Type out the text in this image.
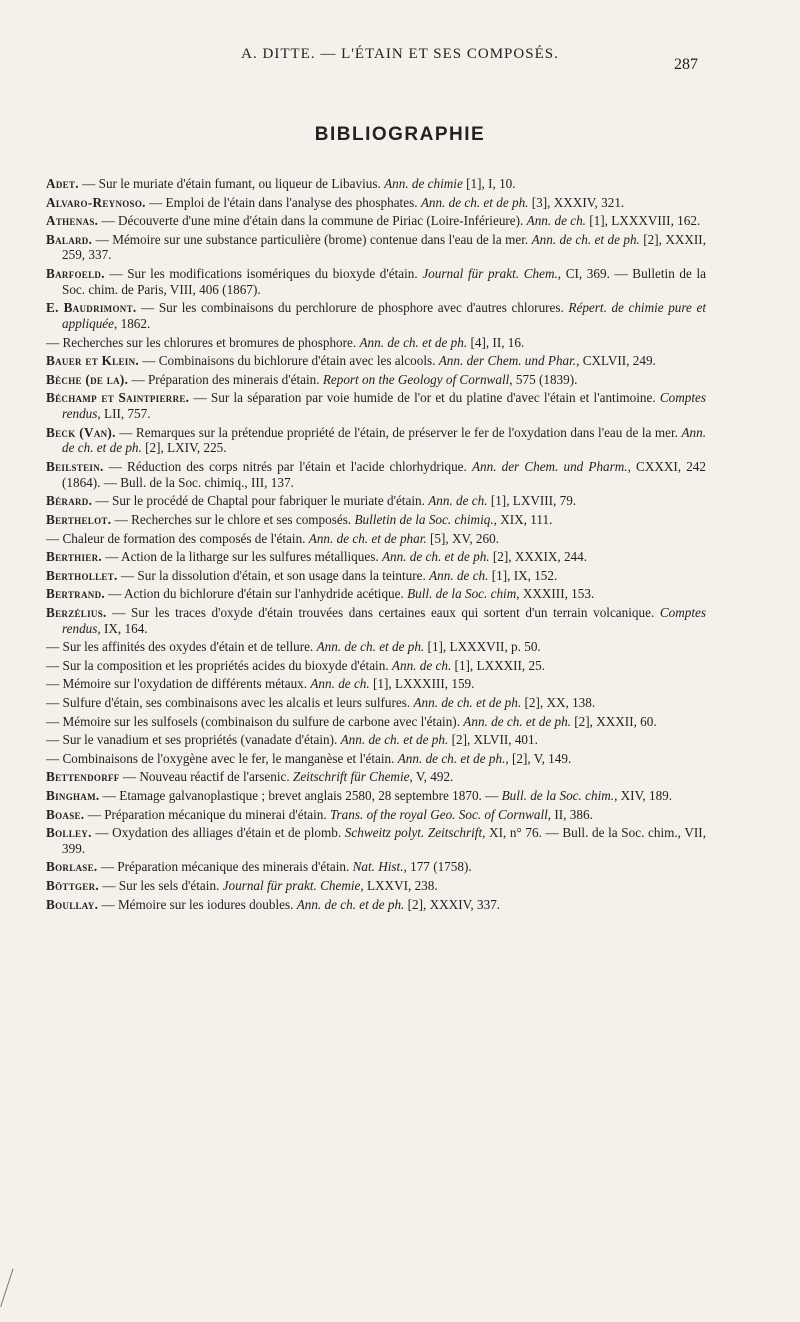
A. DITTE. — L'ÉTAIN ET SES COMPOSÉS.
287
BIBLIOGRAPHIE

Adet. — Sur le muriate d'étain fumant, ou liqueur de Libavius. Ann. de chimie [1], I, 10.

Alvaro-Reynoso. — Emploi de l'étain dans l'analyse des phosphates. Ann. de ch. et de ph. [3], XXXIV, 321.

Athenas. — Découverte d'une mine d'étain dans la commune de Piriac (Loire-Inférieure). Ann. de ch. [1], LXXXVIII, 162.

Balard. — Mémoire sur une substance particulière (brome) contenue dans l'eau de la mer. Ann. de ch. et de ph. [2], XXXII, 259, 337.

Barfoeld. — Sur les modifications isomériques du bioxyde d'étain. Journal für prakt. Chem., CI, 369. — Bulletin de la Soc. chim. de Paris, VIII, 406 (1867).

E. Baudrimont. — Sur les combinaisons du perchlorure de phosphore avec d'autres chlorures. Répert. de chimie pure et appliquée, 1862.

— Recherches sur les chlorures et bromures de phosphore. Ann. de ch. et de ph. [4], II, 16.

Bauer et Klein. — Combinaisons du bichlorure d'étain avec les alcools. Ann. der Chem. und Phar., CXLVII, 249.

Bèche (de la). — Préparation des minerais d'étain. Report on the Geology of Cornwall, 575 (1839).

Béchamp et Saintpierre. — Sur la séparation par voie humide de l'or et du platine d'avec l'étain et l'antimoine. Comptes rendus, LII, 757.

Beck (Van). — Remarques sur la prétendue propriété de l'étain, de préserver le fer de l'oxydation dans l'eau de la mer. Ann. de ch. et de ph. [2], LXIV, 225.

Beilstein. — Réduction des corps nitrés par l'étain et l'acide chlorhydrique. Ann. der Chem. und Pharm., CXXXI, 242 (1864). — Bull. de la Soc. chimiq., III, 137.

Bérard. — Sur le procédé de Chaptal pour fabriquer le muriate d'étain. Ann. de ch. [1], LXVIII, 79.

Berthelot. — Recherches sur le chlore et ses composés. Bulletin de la Soc. chimiq., XIX, 111.

— Chaleur de formation des composés de l'étain. Ann. de ch. et de phar. [5], XV, 260.

Berthier. — Action de la litharge sur les sulfures métalliques. Ann. de ch. et de ph. [2], XXXIX, 244.

Berthollet. — Sur la dissolution d'étain, et son usage dans la teinture. Ann. de ch. [1], IX, 152.

Bertrand. — Action du bichlorure d'étain sur l'anhydride acétique. Bull. de la Soc. chim, XXXIII, 153.

Berzélius. — Sur les traces d'oxyde d'étain trouvées dans certaines eaux qui sortent d'un terrain volcanique. Comptes rendus, IX, 164.

— Sur les affinités des oxydes d'étain et de tellure. Ann. de ch. et de ph. [1], LXXXVII, p. 50.

— Sur la composition et les propriétés acides du bioxyde d'étain. Ann. de ch. [1], LXXXII, 25.

— Mémoire sur l'oxydation de différents métaux. Ann. de ch. [1], LXXXIII, 159.

— Sulfure d'étain, ses combinaisons avec les alcalis et leurs sulfures. Ann. de ch. et de ph. [2], XX, 138.

— Mémoire sur les sulfosels (combinaison du sulfure de carbone avec l'étain). Ann. de ch. et de ph. [2], XXXII, 60.

— Sur le vanadium et ses propriétés (vanadate d'étain). Ann. de ch. et de ph. [2], XLVII, 401.

— Combinaisons de l'oxygène avec le fer, le manganèse et l'étain. Ann. de ch. et de ph., [2], V, 149.

Bettendorff — Nouveau réactif de l'arsenic. Zeitschrift für Chemie, V, 492.

Bingham. — Etamage galvanoplastique ; brevet anglais 2580, 28 septembre 1870. — Bull. de la Soc. chim., XIV, 189.

Boase. — Préparation mécanique du minerai d'étain. Trans. of the royal Geo. Soc. of Cornwall, II, 386.

Bolley. — Oxydation des alliages d'étain et de plomb. Schweitz polyt. Zeitschrift, XI, n° 76. — Bull. de la Soc. chim., VII, 399.

Borlase. — Préparation mécanique des minerais d'étain. Nat. Hist., 177 (1758).

Böttger. — Sur les sels d'étain. Journal für prakt. Chemie, LXXVI, 238.

Boullay. — Mémoire sur les iodures doubles. Ann. de ch. et de ph. [2], XXXIV, 337.
